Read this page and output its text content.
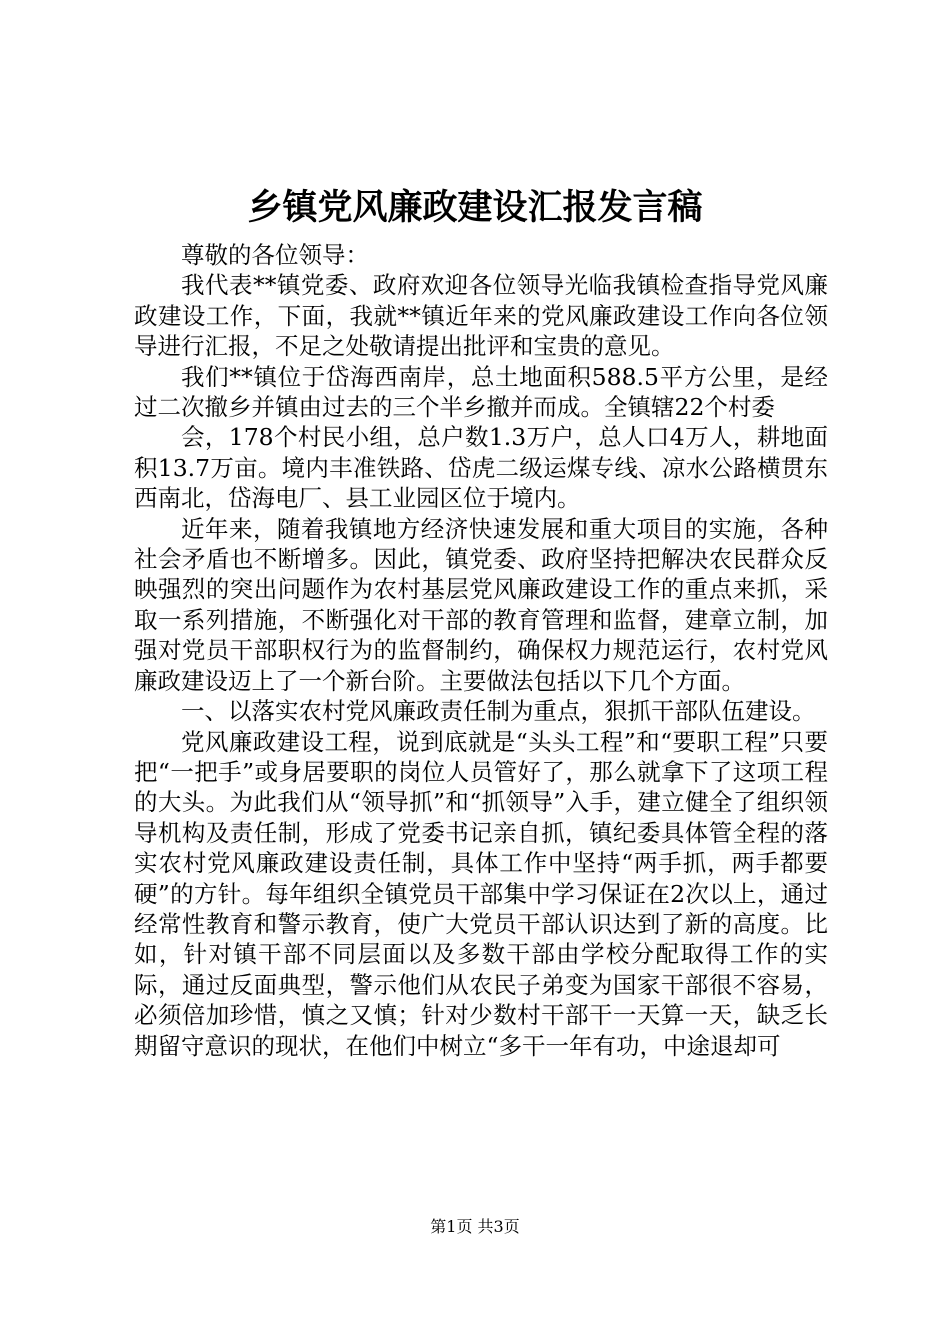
乡镇党风廉政建设汇报发言稿

尊敬的各位领导：

我代表**镇党委、政府欢迎各位领导光临我镇检查指导党风廉政建设工作，下面，我就**镇近年来的党风廉政建设工作向各位领导进行汇报，不足之处敬请提出批评和宝贵的意见。

我们**镇位于岱海西南岸，总土地面积588.5平方公里，是经过二次撤乡并镇由过去的三个半乡撤并而成。全镇辖22个村委

会，178个村民小组，总户数1.3万户，总人口4万人，耕地面积13.7万亩。境内丰准铁路、岱虎二级运煤专线、凉水公路横贯东西南北，岱海电厂、县工业园区位于境内。

近年来，随着我镇地方经济快速发展和重大项目的实施，各种社会矛盾也不断增多。因此，镇党委、政府坚持把解决农民群众反映强烈的突出问题作为农村基层党风廉政建设工作的重点来抓，采取一系列措施，不断强化对干部的教育管理和监督，建章立制，加强对党员干部职权行为的监督制约，确保权力规范运行，农村党风廉政建设迈上了一个新台阶。主要做法包括以下几个方面。

一、以落实农村党风廉政责任制为重点，狠抓干部队伍建设。

党风廉政建设工程，说到底就是“头头工程”和“要职工程”只要把“一把手”或身居要职的岗位人员管好了，那么就拿下了这项工程的大头。为此我们从“领导抓”和“抓领导”入手，建立健全了组织领导机构及责任制，形成了党委书记亲自抓，镇纪委具体管全程的落实农村党风廉政建设责任制，具体工作中坚持“两手抓，两手都要硬”的方针。每年组织全镇党员干部集中学习保证在2次以上，通过经常性教育和警示教育，使广大党员干部认识达到了新的高度。比如，针对镇干部不同层面以及多数干部由学校分配取得工作的实际，通过反面典型，警示他们从农民子弟变为国家干部很不容易，必须倍加珍惜，慎之又慎；针对少数村干部干一天算一天，缺乏长期留守意识的现状，在他们中树立“多干一年有功，中途退却可

第1页 共3页
